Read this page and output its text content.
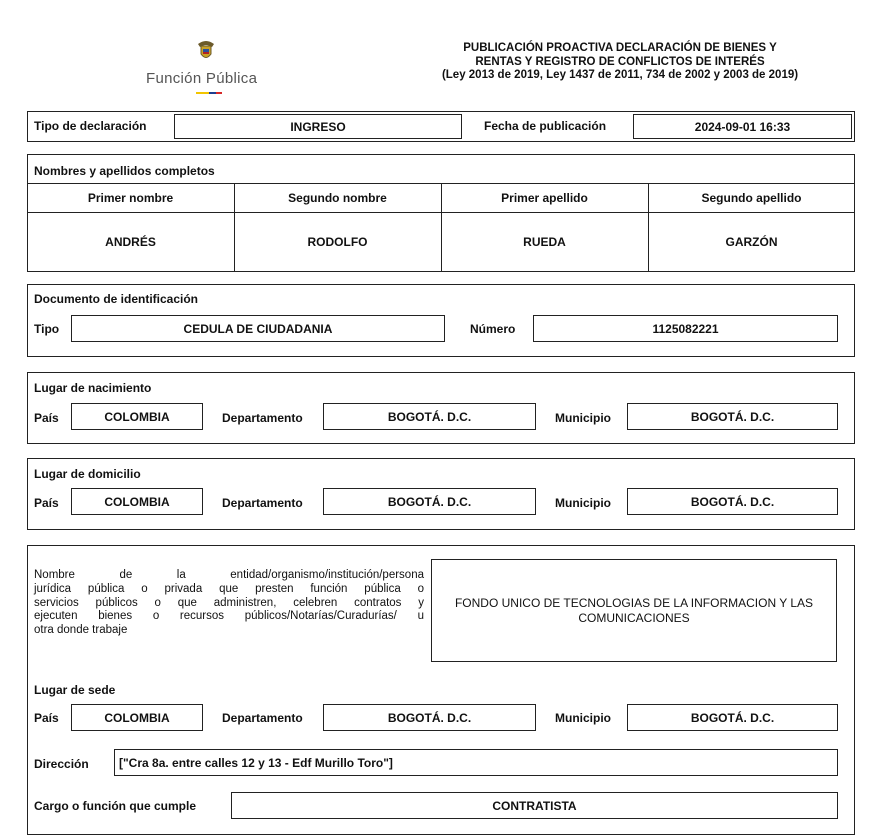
Función Pública
PUBLICACIÓN PROACTIVA DECLARACIÓN DE BIENES Y
RENTAS Y REGISTRO DE CONFLICTOS DE INTERÉS
(Ley 2013 de 2019, Ley 1437 de 2011, 734 de 2002 y 2003 de 2019)
Tipo de declaración	INGRESO	Fecha de publicación	2024-09-01 16:33
Nombres y apellidos completos
Primer nombre	Segundo nombre	Primer apellido	Segundo apellido
ANDRÉS	RODOLFO	RUEDA	GARZÓN
Documento de identificación
Tipo	CEDULA DE CIUDADANIA	Número	1125082221
Lugar de nacimiento
País	COLOMBIA	Departamento	BOGOTÁ. D.C.	Municipio	BOGOTÁ. D.C.
Lugar de domicilio
País	COLOMBIA	Departamento	BOGOTÁ. D.C.	Municipio	BOGOTÁ. D.C.
Nombre de la entidad/organismo/institución/persona
jurídica pública o privada que presten función pública o
servicios públicos o que administren, celebren contratos y
ejecuten bienes o recursos públicos/Notarías/Curadurías/ u
otra donde trabaje
FONDO UNICO DE TECNOLOGIAS DE LA INFORMACION Y LAS
COMUNICACIONES
Lugar de sede
País	COLOMBIA	Departamento	BOGOTÁ. D.C.	Municipio	BOGOTÁ. D.C.
Dirección	["Cra 8a. entre calles 12 y 13 - Edf Murillo Toro"]
Cargo o función que cumple	CONTRATISTA
